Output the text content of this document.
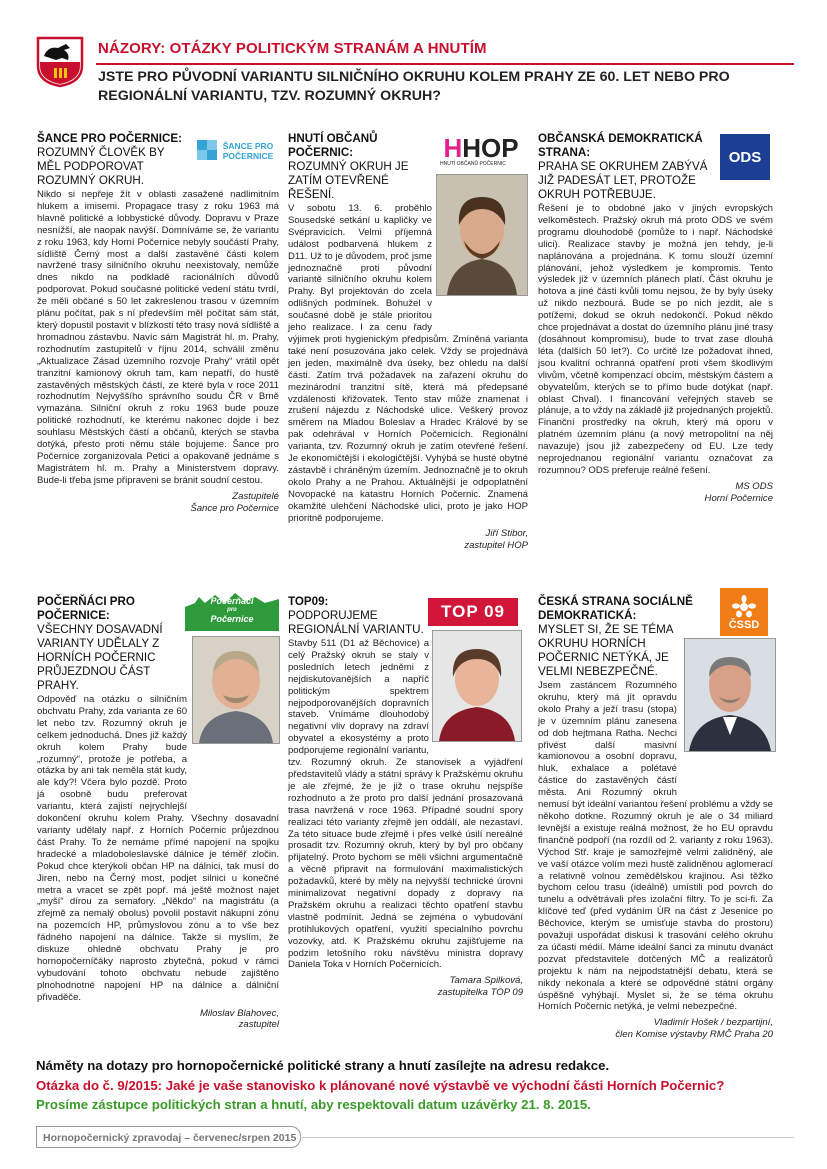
NÁZORY: OTÁZKY POLITICKÝM STRANÁM A HNUTÍM
JSTE PRO PŮVODNÍ VARIANTU SILNIČNÍHO OKRUHU KOLEM PRAHY ZE 60. LET NEBO PRO REGIONÁLNÍ VARIANTU, TZV. ROZUMNÝ OKRUH?
ŠANCE PRO POČERNICE:
ROZUMNÝ ČLOVĚK BY MĚL PODPOROVAT ROZUMNÝ OKRUH.
Nikdo si nepřeje žít v oblasti zasažené nadlimitním hlukem a imisemi. Propagace trasy z roku 1963 má hlavně politické a lobbystické důvody. Dopravu v Praze nesnížší, ale naopak navýší. Domníváme se, že variantu z roku 1963, kdy Horní Počernice nebyly součástí Prahy, sídliště Černý most a další zastavěné části kolem navržené trasy silničního okruhu neexistovaly, nemůže dnes nikdo na podkladě racionálních důvodů podporovat. Pokud současné politické vedení státu tvrdí, že měli občané s 50 let zakreslenou trasou v územním plánu počítat, pak s ní především měl počítat sám stát, který dopustil postavit v blízkosti této trasy nová sídliště a hromadnou zástavbu. Navíc sám Magistrát hl. m. Prahy, rozhodnutím zastupitelů v říjnu 2014, schválil změnu „Aktualizace Zásad územního rozvoje Prahy“ vrátil opět tranzitní kamionový okruh tam, kam nepatří, do hustě zastavěných městských částí, ze které byla v roce 2011 rozhodnutím Nejvyššího správního soudu ČR v Brně vymazána. Silniční okruh z roku 1963 bude pouze politické rozhodnutí, ke kterému nakonec dojde i bez souhlasu Městských částí a občanů, kterých se stavba dotýká, přesto proti němu stále bojujeme. Šance pro Počernice zorganizovala Petici a opakovaně jednáme s Magistrátem hl. m. Prahy a Ministerstvem dopravy. Bude-li třeba jsme připraveni se bránit soudní cestou.
Zastupitelé
Šance pro Počernice
ŠANCE PRO
POČERNICE
HNUTÍ OBČANŮ POČERNIC:
ROZUMNÝ OKRUH JE ZATÍM OTEVŘENÉ ŘEŠENÍ.
V sobotu 13. 6. proběhlo Sousedské setkání u kapličky ve Svépravicích. Velmi příjemná událost podbarvená hlukem z D11. Už to je důvodem, proč jsme jednoznačně proti původní variantě silničního okruhu kolem Prahy. Byl projektován do zcela odlišných podmínek. Bohužel v současné době je stále prioritou jeho realizace. I za cenu řady výjimek proti hygienickým předpisům. Zmíněná varianta také není posuzována jako celek. Vždy se projednává jen jeden, maximálně dva úseky, bez ohledu na další části. Zatím trvá požadavek na zařazení okruhu do mezinárodní tranzitní sítě, která má předepsané vzdálenosti křižovatek. Tento stav může znamenat i zrušení nájezdu z Náchodské ulice. Veškerý provoz směrem na Mladou Boleslav a Hradec Králové by se pak odehrával v Horních Počernicích. Regionální varianta, tzv. Rozumný okruh je zatím otevřené řešení. Je ekonomičtější i ekologičtější. Vyhýbá se husté obytné zástavbě i chráněným územím. Jednoznačně je to okruh okolo Prahy a ne Prahou. Aktuálnější je odpoplatnění Novopacké na katastru Horních Počernic. Znamená okamžité ulehčení Náchodské ulici, proto je jako HOP prioritně podporujeme.
Jiří Stibor,
zastupitel HOP
H HOP
HNUTÍ OBČANŮ POČERNIC
OBČANSKÁ DEMOKRATICKÁ STRANA:
PRAHA SE OKRUHEM ZABÝVÁ JIŽ PADESÁT LET, PROTOŽE OKRUH POTŘEBUJE.
Řešení je to obdobné jako v jiných evropských velkoměstech. Pražský okruh má proto ODS ve svém programu dlouhodobě (pomůže to i např. Náchodské ulici). Realizace stavby je možná jen tehdy, je-li naplánována a projednána. K tomu slouží územní plánování, jehož výsledkem je kompromis. Tento výsledek již v územních plánech platí. Část okruhu je hotova a jiné části kvůli tomu nejsou, že by byly úseky už nikdo nezbourá. Bude se po nich jezdit, ale s potížemi, dokud se okruh nedokončí. Pokud někdo chce projednávat a dostat do územního plánu jiné trasy (dosáhnout kompromisu), bude to trvat zase dlouhá léta (dalších 50 let?). Co určitě lze požadovat ihned, jsou kvalitní ochranná opatření proti všem škodlivým vlivům, včetně kompenzací obcím, městským částem a obyvatelům, kterých se to přímo bude dotýkat (např. oblast Chval). I financování veřejných staveb se plánuje, a to vždy na základě již projednaných projektů. Finanční prostředky na okruh, který má oporu v platném územním plánu (a nový metropolitní na něj navazuje) jsou již zabezpečeny od EU. Lze tedy neprojednanou regionální variantu označovat za rozumnou? ODS preferuje reálné řešení.
MS ODS
Horní Počernice
ODS
POČERŇÁCI PRO POČERNICE:
VŠECHNY DOSAVADNÍ VARIANTY UDĚLALY Z HORNÍCH POČERNIC PRŮJEZDNOU ČÁST PRAHY.
Odpověď na otázku o silničním obchvatu Prahy, zda varianta ze 60 let nebo tzv. Rozumný okruh je celkem jednoduchá. Dnes již každý okruh kolem Prahy bude „rozumný“, protože je potřeba, a otázka by ani tak neměla stát kudy, ale kdy?! Včera bylo pozdě. Proto já osobně budu preferovat variantu, která zajistí nejrychlejší dokončení okruhu kolem Prahy. Všechny dosavadní varianty udělaly např. z Horních Počernic průjezdnou část Prahy. To že nemáme přímé napojení na spojku hradecké a mladoboleslavské dálnice je téměř zločin. Pokud chce kterýkoli občan HP na dálnici, tak musí do Jiren, nebo na Černý most, podjet silnici u konečné metra a vracet se zpět popř. má ještě možnost najet „myší“ dírou za semafory. „Někdo“ na magistrátu (a zřejmě za nemalý obolus) povolil postavit nákupní zónu na pozemcích HP, průmyslovou zónu a to vše bez řádného napojení na dálnice. Takže si myslím, že diskuze ohledně obchvatu Prahy je pro hornopočerníčáky naprosto zbytečná, pokud v rámci vybudování tohoto obchvatu nebude zajištěno plnohodnotné napojení HP na dálnice a dálniční přivaděče.
Miloslav Blahovec,
zastupitel
Počerňáci
pro
Počernice
TOP09:
PODPORUJEME REGIONÁLNÍ VARIANTU.
Stavby 511 (D1 až Běchovice) a celý Pražský okruh se staly v posledních letech jedněmi z nejdiskutovanějších a napříč politickým spektrem nejpodporovanějších dopravních staveb. Vnímáme dlouhodobý negativní vliv dopravy na zdraví obyvatel a ekosystémy a proto podporujeme regionální variantu, tzv. Rozumný okruh. Ze stanovisek a vyjádření představitelů vlády a státní správy k Pražskému okruhu je ale zřejmé, že je již o trase okruhu nejspíše rozhodnuto a že proto pro další jednání prosazovaná trasa navržená v roce 1963. Případné soudní spory realizaci této varianty zřejmě jen oddálí, ale nezastaví. Za této situace bude zřejmě i přes velké úsilí nereálné prosadit tzv. Rozumný okruh, který by byl pro občany přijatelný. Proto bychom se měli všichni argumentačně a věcně připravit na formulování maximalistických požadavků, které by měly na nejvyšší technické úrovni minimalizovat negativní dopady z dopravy na Pražském okruhu a realizaci těchto opatření stavbu vlastně podmínit. Jedná se zejména o vybudování protihlukových opatření, využití specialního povrchu vozovky, atd. K Pražskému okruhu zajišťujeme na podzim letošního roku návštěvu ministra dopravy Daniela Toka v Horních Počernicích.
Tamara Spilková,
zastupitelka TOP 09
TOP 09
ČESKÁ STRANA SOCIÁLNĚ DEMOKRATICKÁ:
MYSLET SI, ŽE SE TÉMA OKRUHU HORNÍCH POČERNIC NETÝKÁ, JE VELMI NEBEZPEČNÉ.
Jsem zastáncem Rozumného okruhu, který má jít opravdu okolo Prahy a ježí trasu (stopa) je v územním plánu zanesena od dob hejtmana Ratha. Nechci přivést další masivní kamionovou a osobní dopravu, hluk, exhalace a polétavé částice do zastavěných částí města. Ani Rozumný okruh nemusí být ideální variantou řešení problému a vždy se někoho dotkne. Rozumný okruh je ale o 34 miliard levnější a existuje reálná možnost, že ho EU opravdu finančně podpoří (na rozdíl od 2. varianty z roku 1963). Východ Stř. kraje je samozřejmě velmi zalidněný, ale ve vaší otázce volím mezi hustě zalidněnou aglomerací a relativně volnou zemědělskou krajinou. Asi těžko bychom celou trasu (ideálně) umístili pod povrch do tunelu a odvětrávali přes izolační filtry. To je sci-fi. Za klíčové teď (před vydáním ÚR na část z Jesenice po Běchovice, kterým se umisťuje stavba do prostoru) považuji uspořádat diskusi k trasování celého okruhu za účasti médií. Máme ideální šanci za minutu dvanáct pozvat představitele dotčených MČ a realizátorů projektu k nám na nejpodstatnější debatu, která se nikdy nekonala a které se odpovědné státní orgány úspěšně vyhýbají. Myslet si, že se téma okruhu Horních Počernic netýká, je velmi nebezpečné.
Vladimír Hošek / bezpartijní,
člen Komise výstavby RMČ Praha 20
ČSSD
Náměty na dotazy pro hornopočernické politické strany a hnutí zasílejte na adresu redakce.
Otázka do č. 9/2015: Jaké je vaše stanovisko k plánované nové výstavbě ve východní části Horních Počernic?
Prosíme zástupce politických stran a hnutí, aby respektovali datum uzávěrky 21. 8. 2015.
Hornopočernický zpravodaj – červenec/srpen 2015
